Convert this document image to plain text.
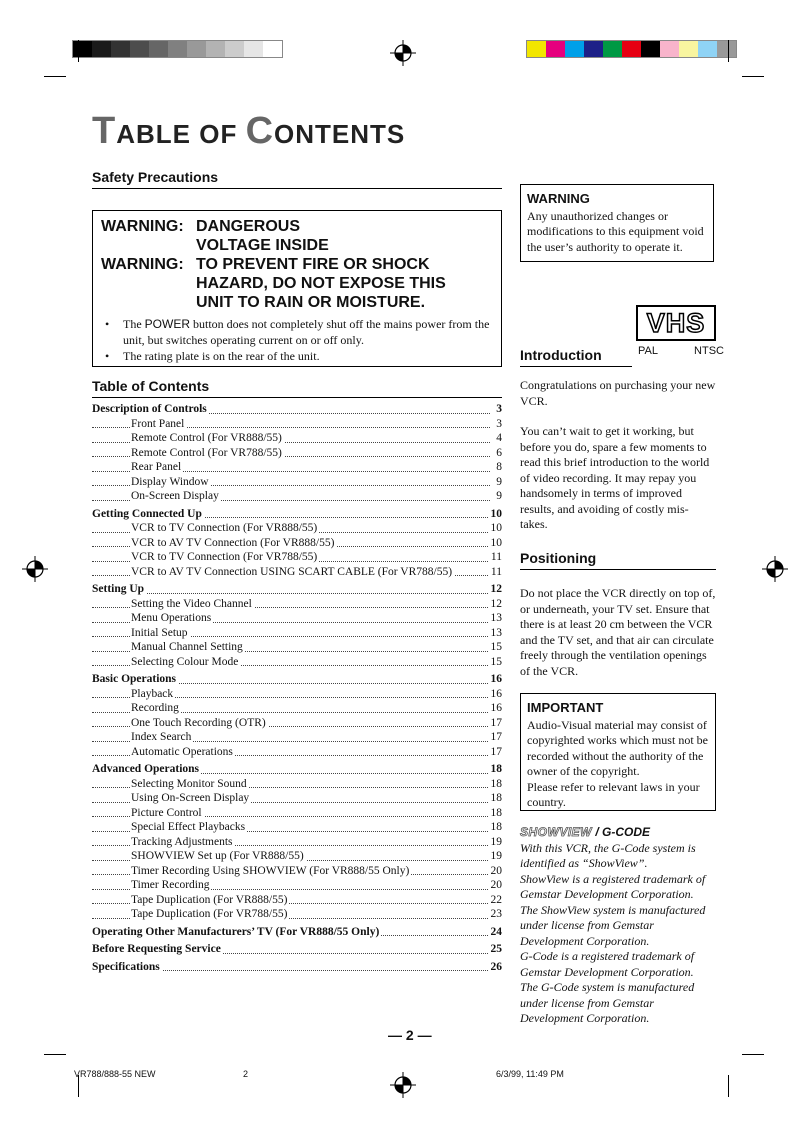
TABLE OF CONTENTS
Safety Precautions
WARNING: DANGEROUS VOLTAGE INSIDE
WARNING: TO PREVENT FIRE OR SHOCK HAZARD, DO NOT EXPOSE THIS UNIT TO RAIN OR MOISTURE.
•	The POWER button does not completely shut off the mains power from the unit, but switches operating current on or off only.
•	The rating plate is on the rear of the unit.
Table of Contents
Description of Controls	3
Front Panel	3
Remote Control (For VR888/55)	4
Remote Control (For VR788/55)	6
Rear Panel	8
Display Window	9
On-Screen Display	9
Getting Connected Up	10
VCR to TV Connection (For VR888/55)	10
VCR to AV TV Connection (For VR888/55)	10
VCR to TV Connection (For VR788/55)	11
VCR to AV TV Connection USING SCART CABLE (For VR788/55)	11
Setting Up	12
Setting the Video Channel	12
Menu Operations	13
Initial Setup	13
Manual Channel Setting	15
Selecting Colour Mode	15
Basic Operations	16
Playback	16
Recording	16
One Touch Recording (OTR)	17
Index Search	17
Automatic Operations	17
Advanced Operations	18
Selecting Monitor Sound	18
Using On-Screen Display	18
Picture Control	18
Special Effect Playbacks	18
Tracking Adjustments	19
SHOWVIEW Set up (For VR888/55)	19
Timer Recording Using SHOWVIEW (For VR888/55 Only)	20
Timer Recording	20
Tape Duplication (For VR888/55)	22
Tape Duplication (For VR788/55)	23
Operating Other Manufacturers’ TV (For VR888/55 Only)	24
Before Requesting Service	25
Specifications	26
WARNING
Any unauthorized changes or modifications to this equipment void the user’s authority to operate it.
VHS
PAL	NTSC
Introduction
Congratulations on purchasing your new VCR.
You can’t wait to get it working, but before you do, spare a few moments to read this brief introduction to the world of video recording. It may repay you handsomely in terms of improved results, and avoiding of costly mis-takes.
Positioning
Do not place the VCR directly on top of, or underneath, your TV set. Ensure that there is at least 20 cm between the VCR and the TV set, and that air can circulate freely through the ventilation openings of the VCR.
IMPORTANT
Audio-Visual material may consist of copyrighted works which must not be recorded without the authority of the owner of the copyright.
Please refer to relevant laws in your country.
SHOWVIEW / G-CODE
With this VCR, the G-Code system is identified as “ShowView”.
ShowView is a registered trademark of Gemstar Development Corporation.
The ShowView system is manufactured under license from Gemstar Development Corporation.
G-Code is a registered trademark of Gemstar Development Corporation.
The G-Code system is manufactured under license from Gemstar Development Corporation.
— 2 —
VR788/888-55 NEW	2	6/3/99, 11:49 PM
